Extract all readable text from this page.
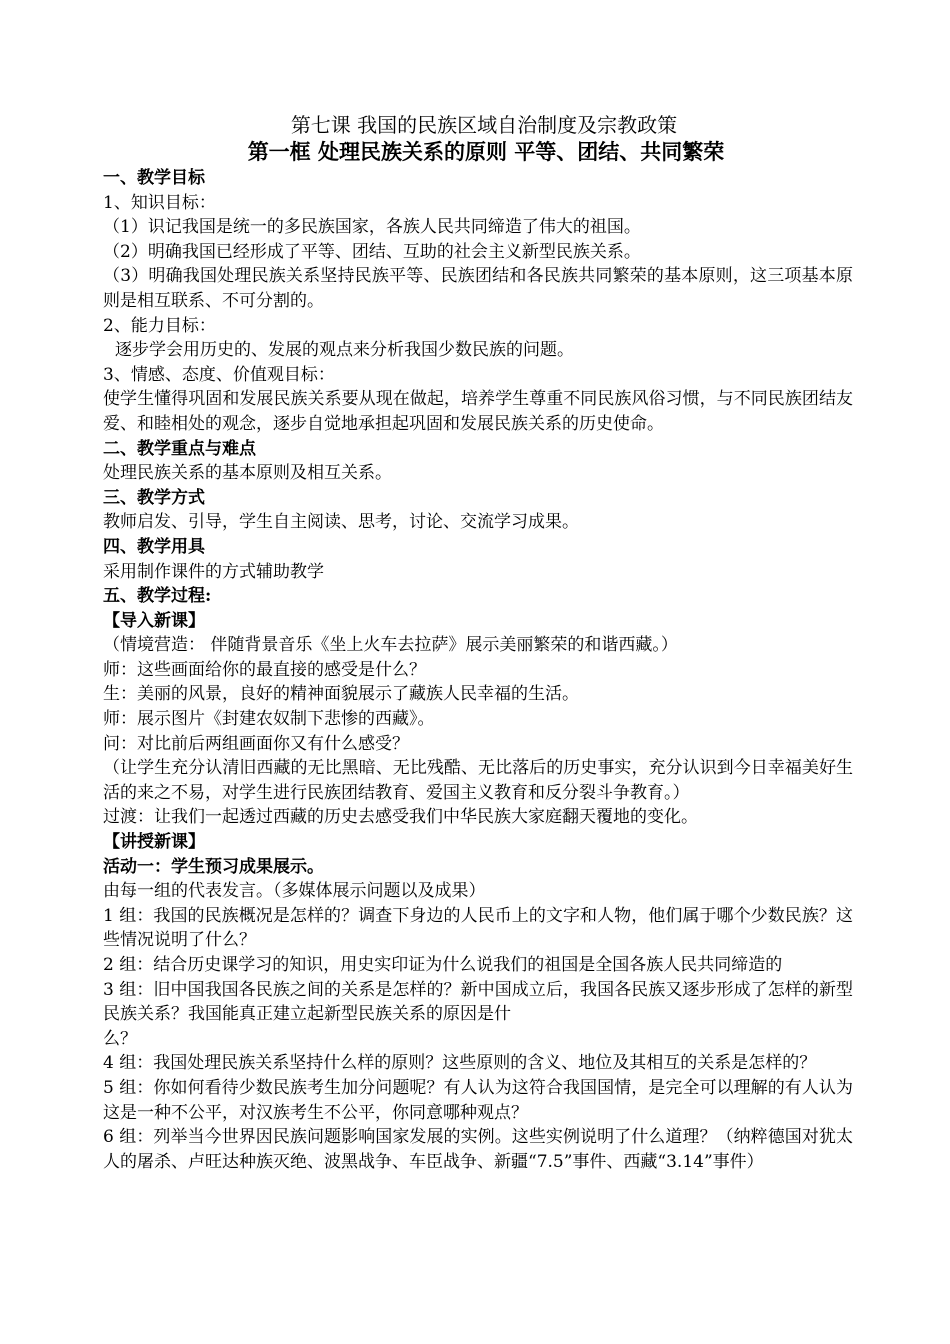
第七课 我国的民族区域自治制度及宗教政策
第一框 处理民族关系的原则 平等、团结、共同繁荣
一、教学目标
1、知识目标：
（1）识记我国是统一的多民族国家，各族人民共同缔造了伟大的祖国。
（2）明确我国已经形成了平等、团结、互助的社会主义新型民族关系。
（3）明确我国处理民族关系坚持民族平等、民族团结和各民族共同繁荣的基本原则，这三项基本原则是相互联系、不可分割的。
2、能力目标：
逐步学会用历史的、发展的观点来分析我国少数民族的问题。
3、情感、态度、价值观目标：
使学生懂得巩固和发展民族关系要从现在做起，培养学生尊重不同民族风俗习惯，与不同民族团结友爱、和睦相处的观念，逐步自觉地承担起巩固和发展民族关系的历史使命。
二、教学重点与难点
处理民族关系的基本原则及相互关系。
三、教学方式
教师启发、引导，学生自主阅读、思考，讨论、交流学习成果。
四、教学用具
采用制作课件的方式辅助教学
五、教学过程:
【导入新课】
（情境营造： 伴随背景音乐《坐上火车去拉萨》展示美丽繁荣的和谐西藏。）
师：这些画面给你的最直接的感受是什么？
生：美丽的风景，良好的精神面貌展示了藏族人民幸福的生活。
师：展示图片《封建农奴制下悲惨的西藏》。
问：对比前后两组画面你又有什么感受？
（让学生充分认清旧西藏的无比黑暗、无比残酷、无比落后的历史事实，充分认识到今日幸福美好生活的来之不易，对学生进行民族团结教育、爱国主义教育和反分裂斗争教育。）
过渡：让我们一起透过西藏的历史去感受我们中华民族大家庭翻天覆地的变化。
【讲授新课】
活动一：学生预习成果展示。
由每一组的代表发言。（多媒体展示问题以及成果）
1 组：我国的民族概况是怎样的？调查下身边的人民币上的文字和人物，他们属于哪个少数民族？这些情况说明了什么？
2 组：结合历史课学习的知识，用史实印证为什么说我们的祖国是全国各族人民共同缔造的
3 组：旧中国我国各民族之间的关系是怎样的？新中国成立后，我国各民族又逐步形成了怎样的新型民族关系？我国能真正建立起新型民族关系的原因是什
么？
4 组：我国处理民族关系坚持什么样的原则？这些原则的含义、地位及其相互的关系是怎样的？
5 组：你如何看待少数民族考生加分问题呢？有人认为这符合我国国情，是完全可以理解的有人认为这是一种不公平，对汉族考生不公平，你同意哪种观点？
6 组：列举当今世界因民族问题影响国家发展的实例。这些实例说明了什么道理？（纳粹德国对犹太人的屠杀、卢旺达种族灭绝、波黑战争、车臣战争、新疆“7.5”事件、西藏“3.14”事件）
